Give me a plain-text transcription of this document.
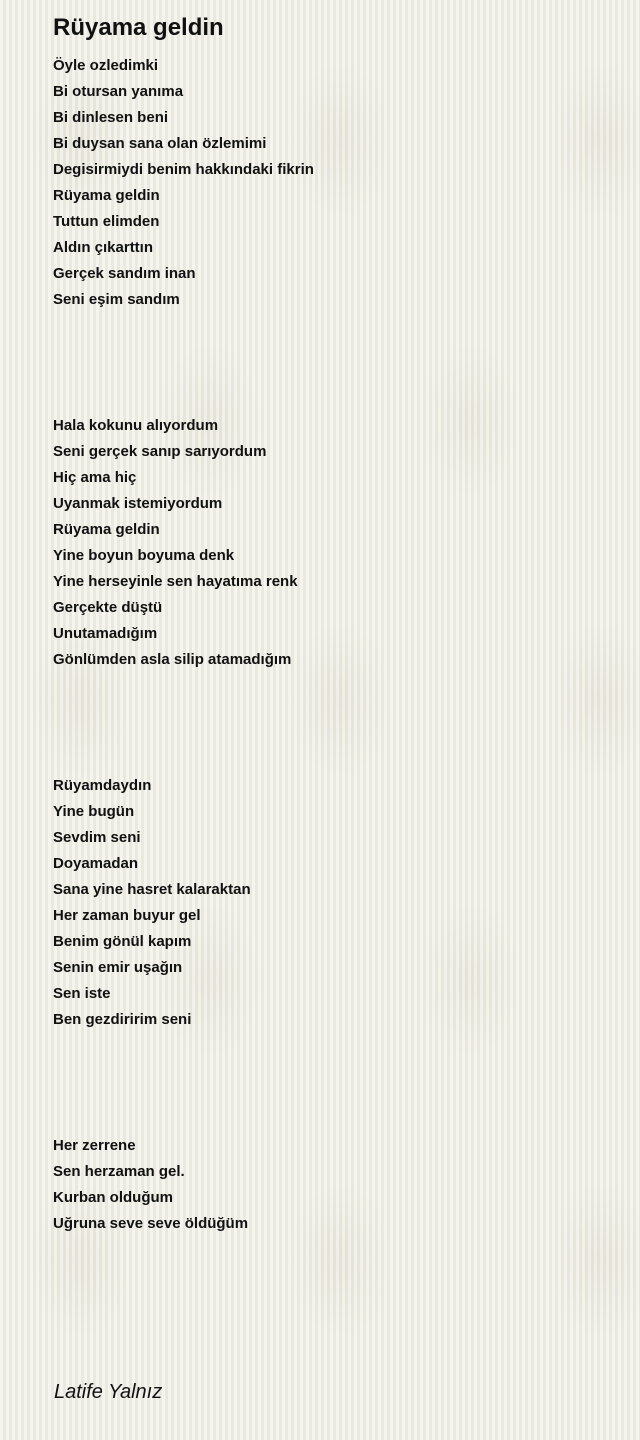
Rüyama geldin
Öyle ozledimki
Bi otursan yanıma
Bi dinlesen beni
Bi duysan sana olan özlemimi
Degisirmiydi benim hakkındaki fikrin
Rüyama geldin
Tuttun elimden
Aldın çıkarttın
Gerçek sandım inan
Seni eşim sandım
Hala kokunu alıyordum
Seni gerçek sanıp sarıyordum
Hiç ama hiç
Uyanmak istemiyordum
Rüyama geldin
Yine boyun boyuma denk
Yine herseyinle sen hayatıma renk
Gerçekte düştü
Unutamadığım
Gönlümden asla silip atamadığım
Rüyamdaydın
Yine bugün
Sevdim seni
Doyamadan
Sana yine hasret kalaraktan
Her zaman buyur gel
Benim gönül kapım
Senin emir uşağın
Sen iste
Ben gezdiririm seni
Her zerrene
Sen herzaman gel.
Kurban olduğum
Uğruna seve seve öldüğüm
Latife Yalnız
